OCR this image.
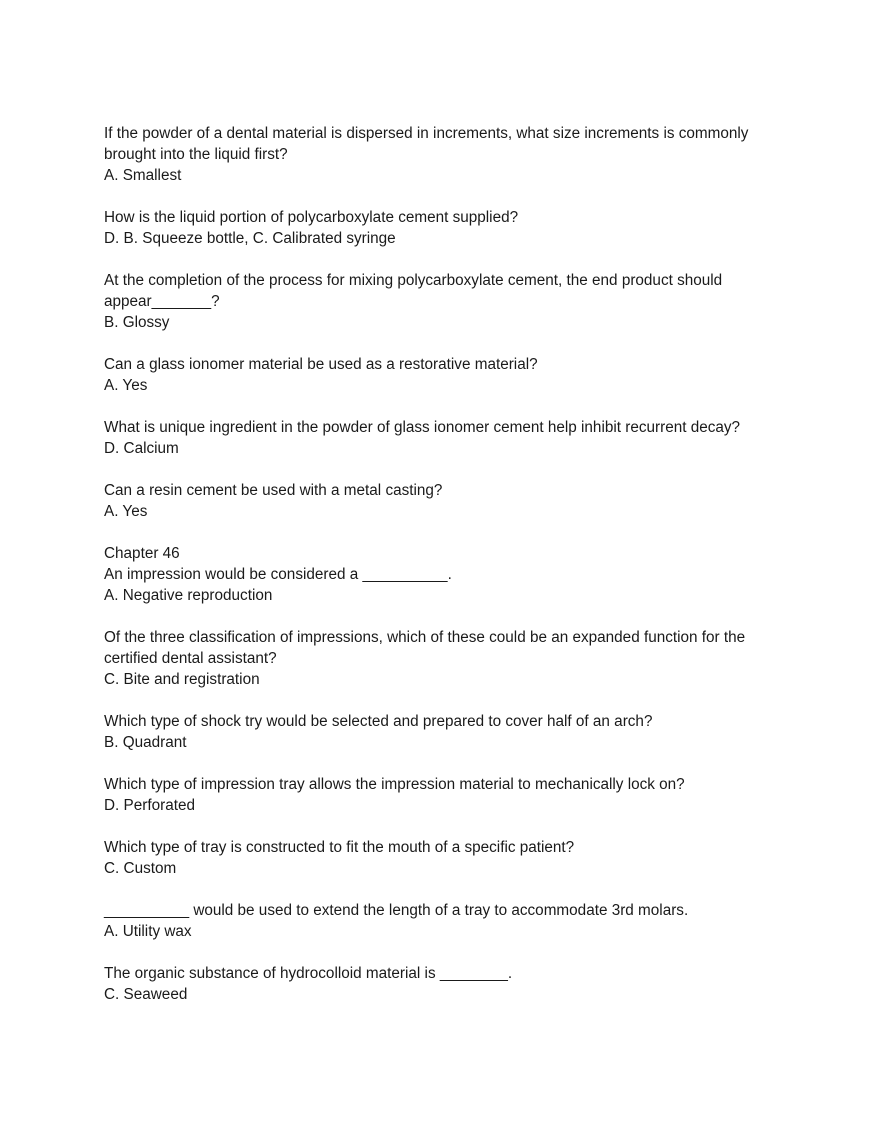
If the powder of a dental material is dispersed in increments, what size increments is commonly
brought into the liquid first?
A. Smallest
How is the liquid portion of polycarboxylate cement supplied?
D. B. Squeeze bottle, C. Calibrated syringe
At the completion of the process for mixing polycarboxylate cement, the end product should
appear_______?
B. Glossy
Can a glass ionomer material be used as a restorative material?
A. Yes
What is unique ingredient in the powder of glass ionomer cement help inhibit recurrent decay?
D. Calcium
Can a resin cement be used with a metal casting?
A. Yes
Chapter 46
An impression would be considered a __________.
A. Negative reproduction
Of the three classification of impressions, which of these could be an expanded function for the
certified dental assistant?
C. Bite and registration
Which type of shock try would be selected and prepared to cover half of an arch?
B. Quadrant
Which type of impression tray allows the impression material to mechanically lock on?
D. Perforated
Which type of tray is constructed to fit the mouth of a specific patient?
C. Custom
__________ would be used to extend the length of a tray to accommodate 3rd molars.
A. Utility wax
The organic substance of hydrocolloid material is ________.
C. Seaweed
